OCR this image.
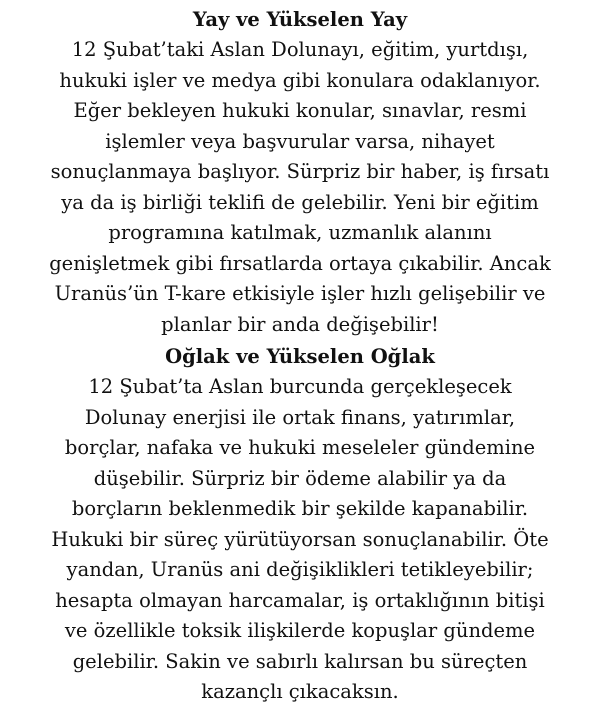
Yay ve Yükselen Yay
12 Şubat’taki Aslan Dolunayı, eğitim, yurtdışı,
hukuki işler ve medya gibi konulara odaklanıyor.
Eğer bekleyen hukuki konular, sınavlar, resmi
işlemler veya başvurular varsa, nihayet
sonuçlanmaya başlıyor. Sürpriz bir haber, iş fırsatı
ya da iş birliği teklifi de gelebilir. Yeni bir eğitim
programına katılmak, uzmanlık alanını
genişletmek gibi fırsatlarda ortaya çıkabilir. Ancak
Uranüs’ün T-kare etkisiyle işler hızlı gelişebilir ve
planlar bir anda değişebilir!
Oğlak ve Yükselen Oğlak
12 Şubat’ta Aslan burcunda gerçekleşecek
Dolunay enerjisi ile ortak finans, yatırımlar,
borçlar, nafaka ve hukuki meseleler gündemine
düşebilir. Sürpriz bir ödeme alabilir ya da
borçların beklenmedik bir şekilde kapanabilir.
Hukuki bir süreç yürütüyorsan sonuçlanabilir. Öte
yandan, Uranüs ani değişiklikleri tetikleyebilir;
hesapta olmayan harcamalar, iş ortaklığının bitişi
ve özellikle toksik ilişkilerde kopuşlar gündeme
gelebilir. Sakin ve sabırlı kalırsan bu süreçten
kazançlı çıkacaksın.
